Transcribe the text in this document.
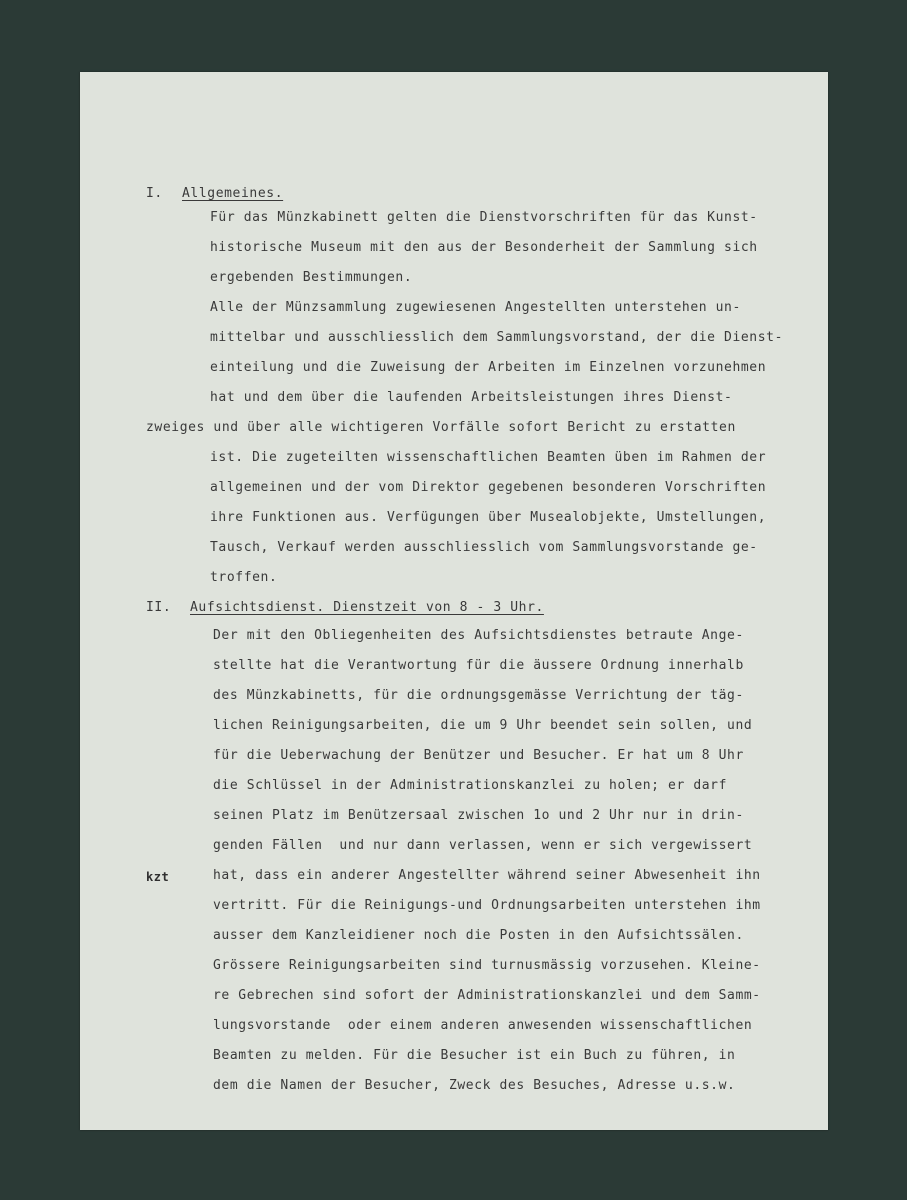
I. Allgemeines.
Für das Münzkabinett gelten die Dienstvorschriften für das Kunst-
historische Museum mit den aus der Besonderheit der Sammlung sich
ergebenden Bestimmungen.
Alle der Münzsammlung zugewiesenen Angestellten unterstehen un-
mittelbar und ausschliesslich dem Sammlungsvorstand, der die Dienst-
einteilung und die Zuweisung der Arbeiten im Einzelnen vorzunehmen
hat und dem über die laufenden Arbeitsleistungen ihres Dienst-
zweiges und über alle wichtigeren Vorfälle sofort Bericht zu erstatten
ist. Die zugeteilten wissenschaftlichen Beamten üben im Rahmen der
allgemeinen und der vom Direktor gegebenen besonderen Vorschriften
ihre Funktionen aus. Verfügungen über Musealobjekte, Umstellungen,
Tausch, Verkauf werden ausschliesslich vom Sammlungsvorstande ge-
troffen.
II. Aufsichtsdienst. Dienstzeit von 8 - 3 Uhr.
Der mit den Obliegenheiten des Aufsichtsdienstes betraute Ange-
stellte hat die Verantwortung für die äussere Ordnung innerhalb
des Münzkabinetts, für die ordnungsgemässe Verrichtung der täg-
lichen Reinigungsarbeiten, die um 9 Uhr beendet sein sollen, und
für die Ueberwachung der Benützer und Besucher. Er hat um 8 Uhr
die Schlüssel in der Administrationskanzlei zu holen; er darf
seinen Platz im Benützersaal zwischen 1o und 2 Uhr nur in drin-
genden Fällen  und nur dann verlassen, wenn er sich vergewissert
kzt	hat, dass ein anderer Angestellter während seiner Abwesenheit ihn
vertritt. Für die Reinigungs-und Ordnungsarbeiten unterstehen ihm
ausser dem Kanzleidiener noch die Posten in den Aufsichtssälen.
Grössere Reinigungsarbeiten sind turnusmässig vorzusehen. Kleine-
re Gebrechen sind sofort der Administrationskanzlei und dem Samm-
lungsvorstande  oder einem anderen anwesenden wissenschaftlichen
Beamten zu melden. Für die Besucher ist ein Buch zu führen, in
dem die Namen der Besucher, Zweck des Besuches, Adresse u.s.w.
